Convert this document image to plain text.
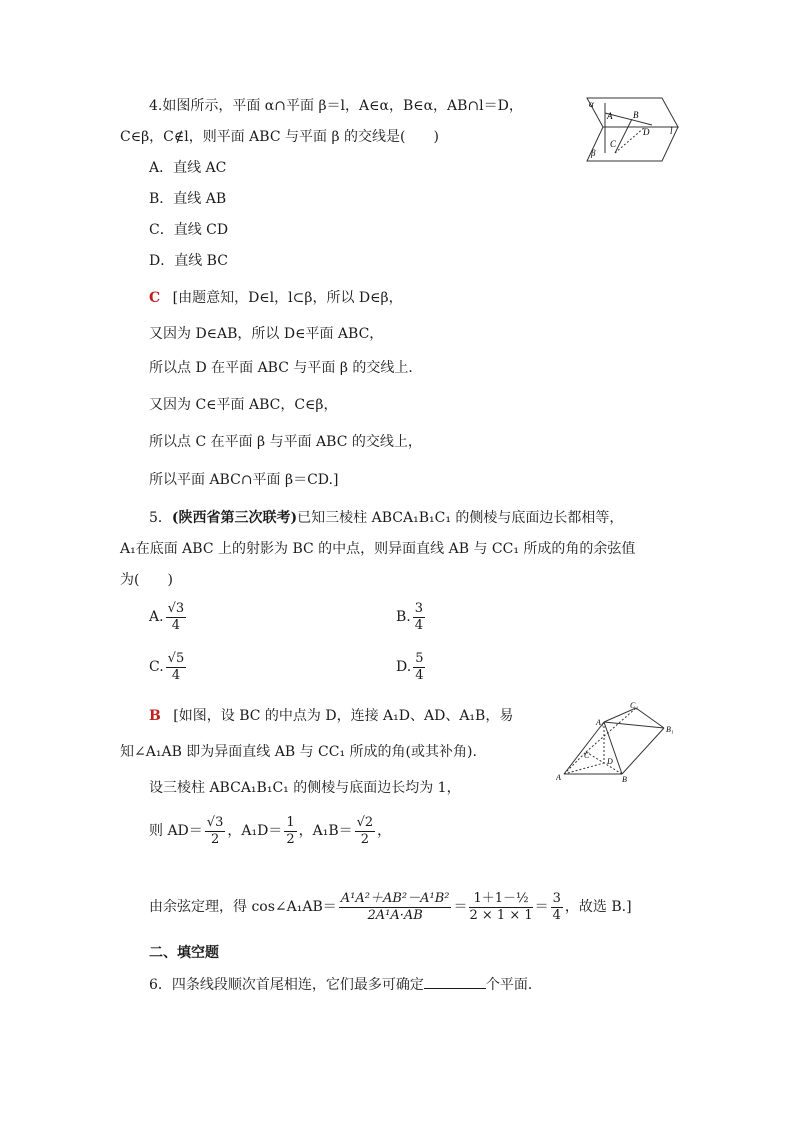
4.如图所示，平面 α∩平面 β＝l，A∈α，B∈α，AB∩l＝D，
C∈β，C∉l，则平面 ABC 与平面 β 的交线是(　　)
α
β
A B
C
D l
A．直线 AC
B．直线 AB
C．直线 CD
D．直线 BC
C [由题意知，D∈l，l⊂β，所以 D∈β，
又因为 D∈AB，所以 D∈平面 ABC，
所以点 D 在平面 ABC 与平面 β 的交线上．
又因为 C∈平面 ABC，C∈β，
所以点 C 在平面 β 与平面 ABC 的交线上，
所以平面 ABC∩平面 β＝CD.]
5．(陕西省第三次联考)已知三棱柱 ABCA₁B₁C₁ 的侧棱与底面边长都相等，
A₁在底面 ABC 上的射影为 BC 的中点，则异面直线 AB 与 CC₁ 所成的角的余弦值
为(　　)
A. $\frac{√3}{4}$	B. $\frac{3}{4}$
C. $\frac{√5}{4}$	D. $\frac{5}{4}$
B [如图，设 BC 的中点为 D，连接 A₁D、AD、A₁B，易
知∠A₁AB 即为异面直线 AB 与 CC₁ 所成的角(或其补角).
A₁
C₁
B₁
C
D
A	B
设三棱柱 ABCA₁B₁C₁ 的侧棱与底面边长均为 1，
则 $AD= \frac{√3}{2}$ ，$A_1D= \frac{1}{2}$ ，$A_1B= \frac{√2}{2}$ ，
由余弦定理，得 cos∠A₁AB＝ $\frac{\text{A¹A²＋AB²－A¹B²}}{\text{2A¹A·AB}} = \frac{\text{1＋1－½}}{2 \times 1 \times 1} = \frac{3}{4}$ ，故选 B.]
二、填空题
6．四条线段顺次首尾相连，它们最多可确定	个平面．
